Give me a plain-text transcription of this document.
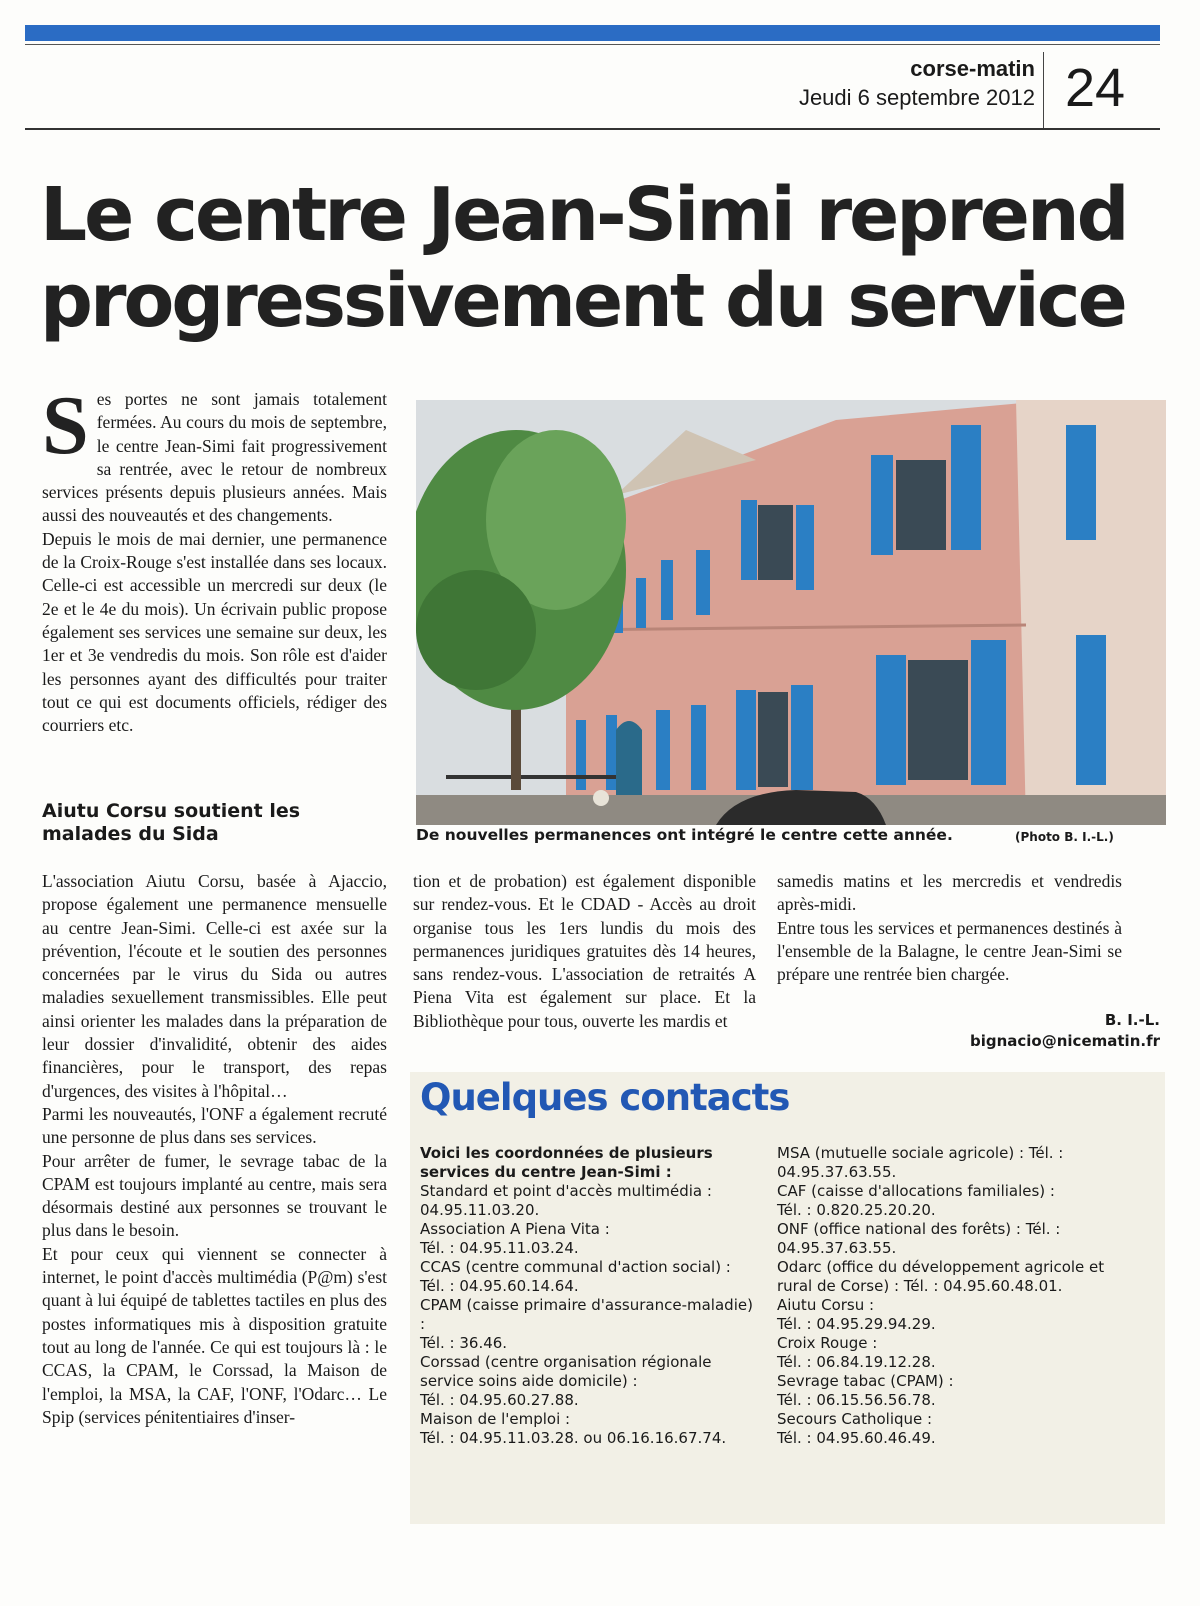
corse-matin
Jeudi 6 septembre 2012 24
Le centre Jean-Simi reprend progressivement du service
S es portes ne sont jamais totalement fermées. Au cours du mois de septembre, le centre Jean-Simi fait progressivement sa rentrée, avec le retour de nombreux services présents depuis plusieurs années. Mais aussi des nouveautés et des changements.

Depuis le mois de mai dernier, une permanence de la Croix-Rouge s'est installée dans ses locaux. Celle-ci est accessible un mercredi sur deux (le 2e et le 4e du mois). Un écrivain public propose également ses services une semaine sur deux, les 1er et 3e vendredis du mois. Son rôle est d'aider les personnes ayant des difficultés pour traiter tout ce qui est documents officiels, rédiger des courriers etc.

Aiutu Corsu soutient les malades du Sida

L'association Aiutu Corsu, basée à Ajaccio, propose également une permanence mensuelle au centre Jean-Simi. Celle-ci est axée sur la prévention, l'écoute et le soutien des personnes concernées par le virus du Sida ou autres maladies sexuellement transmissibles. Elle peut ainsi orienter les malades dans la préparation de leur dossier d'invalidité, obtenir des aides financières, pour le transport, des repas d'urgences, des visites à l'hôpital…

Parmi les nouveautés, l'ONF a également recruté une personne de plus dans ses services.

Pour arrêter de fumer, le sevrage tabac de la CPAM est toujours implanté au centre, mais sera désormais destiné aux personnes se trouvant le plus dans le besoin.

Et pour ceux qui viennent se connecter à internet, le point d'accès multimédia (P@m) s'est quant à lui équipé de tablettes tactiles en plus des postes informatiques mis à disposition gratuite tout au long de l'année. Ce qui est toujours là : le CCAS, la CPAM, le Corssad, la Maison de l'emploi, la MSA, la CAF, l'ONF, l'Odarc… Le Spip (services pénitentiaires d'inser-

De nouvelles permanences ont intégré le centre cette année.	(Photo B. I.-L.)

tion et de probation) est également disponible sur rendez-vous. Et le CDAD - Accès au droit organise tous les 1ers lundis du mois des permanences juridiques gratuites dès 14 heures, sans rendez-vous. L'association de retraités A Piena Vita est également sur place. Et la Bibliothèque pour tous, ouverte les mardis et

samedis matins et les mercredis et vendredis après-midi.

Entre tous les services et permanences destinés à l'ensemble de la Balagne, le centre Jean-Simi se prépare une rentrée bien chargée.

B. I.-L.
bignacio@nicematin.fr
Quelques contacts
Voici les coordonnées de plusieurs services du centre Jean-Simi :
Standard et point d'accès multimédia :
04.95.11.03.20.
Association A Piena Vita :
Tél. : 04.95.11.03.24.
CCAS (centre communal d'action social) :
Tél. : 04.95.60.14.64.
CPAM (caisse primaire d'assurance-maladie) :
Tél. : 36.46.
Corssad (centre organisation régionale service soins aide domicile) :
Tél. : 04.95.60.27.88.
Maison de l'emploi :
Tél. : 04.95.11.03.28. ou 06.16.16.67.74.
MSA (mutuelle sociale agricole) : Tél. :
04.95.37.63.55.
CAF (caisse d'allocations familiales) :
Tél. : 0.820.25.20.20.
ONF (office national des forêts) : Tél. :
04.95.37.63.55.
Odarc (office du développement agricole et rural de Corse) : Tél. : 04.95.60.48.01.
Aiutu Corsu :
Tél. : 04.95.29.94.29.
Croix Rouge :
Tél. : 06.84.19.12.28.
Sevrage tabac (CPAM) :
Tél. : 06.15.56.56.78.
Secours Catholique :
Tél. : 04.95.60.46.49.
